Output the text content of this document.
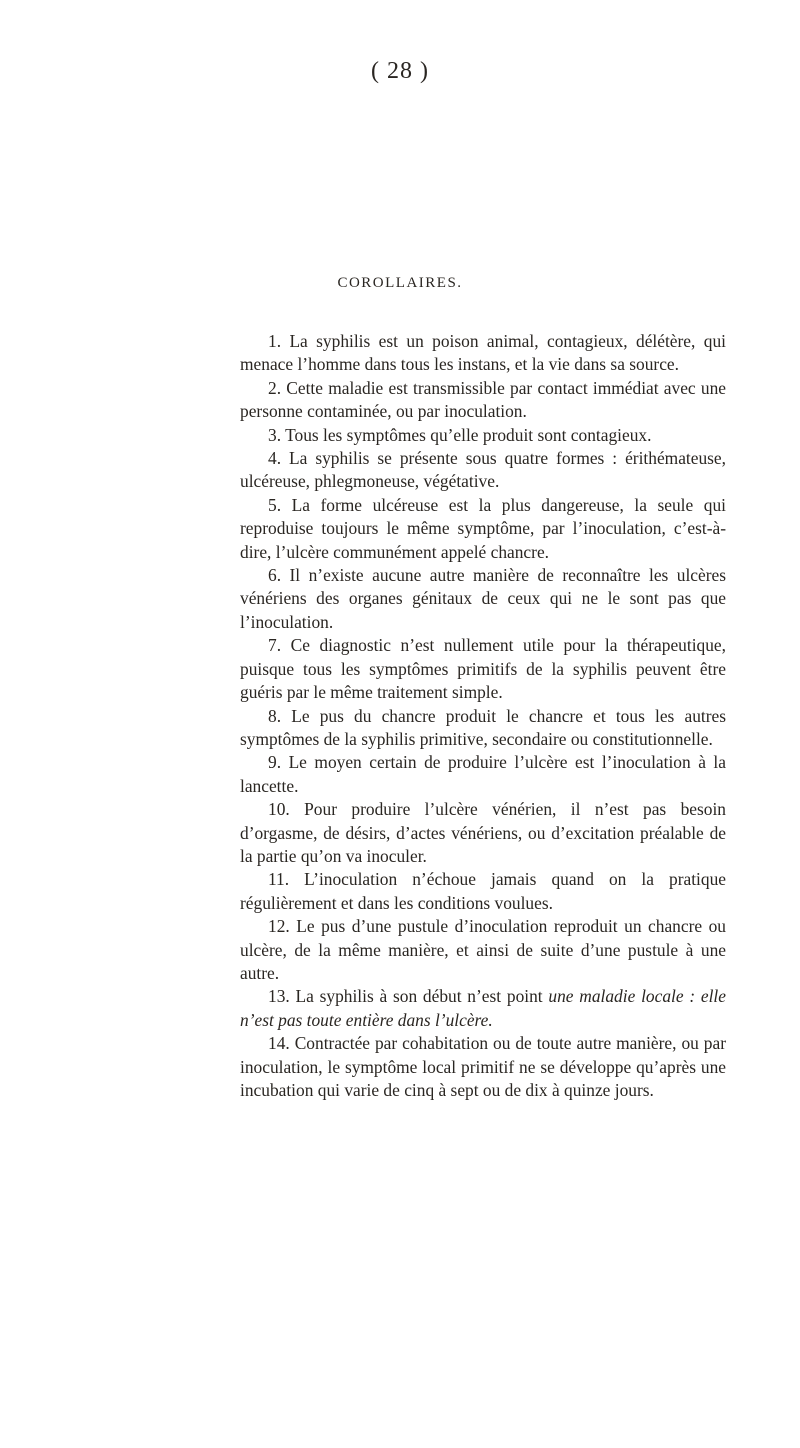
( 28 )
COROLLAIRES.

1. La syphilis est un poison animal, contagieux, délétère, qui menace l’homme dans tous les instans, et la vie dans sa source.

2. Cette maladie est transmissible par contact immédiat avec une personne contaminée, ou par inoculation.

3. Tous les symptômes qu’elle produit sont contagieux.

4. La syphilis se présente sous quatre formes : érithémateuse, ulcéreuse, phlegmoneuse, végétative.

5. La forme ulcéreuse est la plus dangereuse, la seule qui reproduise toujours le même symptôme, par l’inoculation, c’est-à-dire, l’ulcère communément appelé chancre.

6. Il n’existe aucune autre manière de reconnaître les ulcères vénériens des organes génitaux de ceux qui ne le sont pas que l’inoculation.

7. Ce diagnostic n’est nullement utile pour la thérapeutique, puisque tous les symptômes primitifs de la syphilis peuvent être guéris par le même traitement simple.

8. Le pus du chancre produit le chancre et tous les autres symptômes de la syphilis primitive, secondaire ou constitutionnelle.

9. Le moyen certain de produire l’ulcère est l’inoculation à la lancette.

10. Pour produire l’ulcère vénérien, il n’est pas besoin d’orgasme, de désirs, d’actes vénériens, ou d’excitation préalable de la partie qu’on va inoculer.

11. L’inoculation n’échoue jamais quand on la pratique régulièrement et dans les conditions voulues.

12. Le pus d’une pustule d’inoculation reproduit un chancre ou ulcère, de la même manière, et ainsi de suite d’une pustule à une autre.

13. La syphilis à son début n’est point une maladie locale : elle n’est pas toute entière dans l’ulcère.

14. Contractée par cohabitation ou de toute autre manière, ou par inoculation, le symptôme local primitif ne se développe qu’après une incubation qui varie de cinq à sept ou de dix à quinze jours.
